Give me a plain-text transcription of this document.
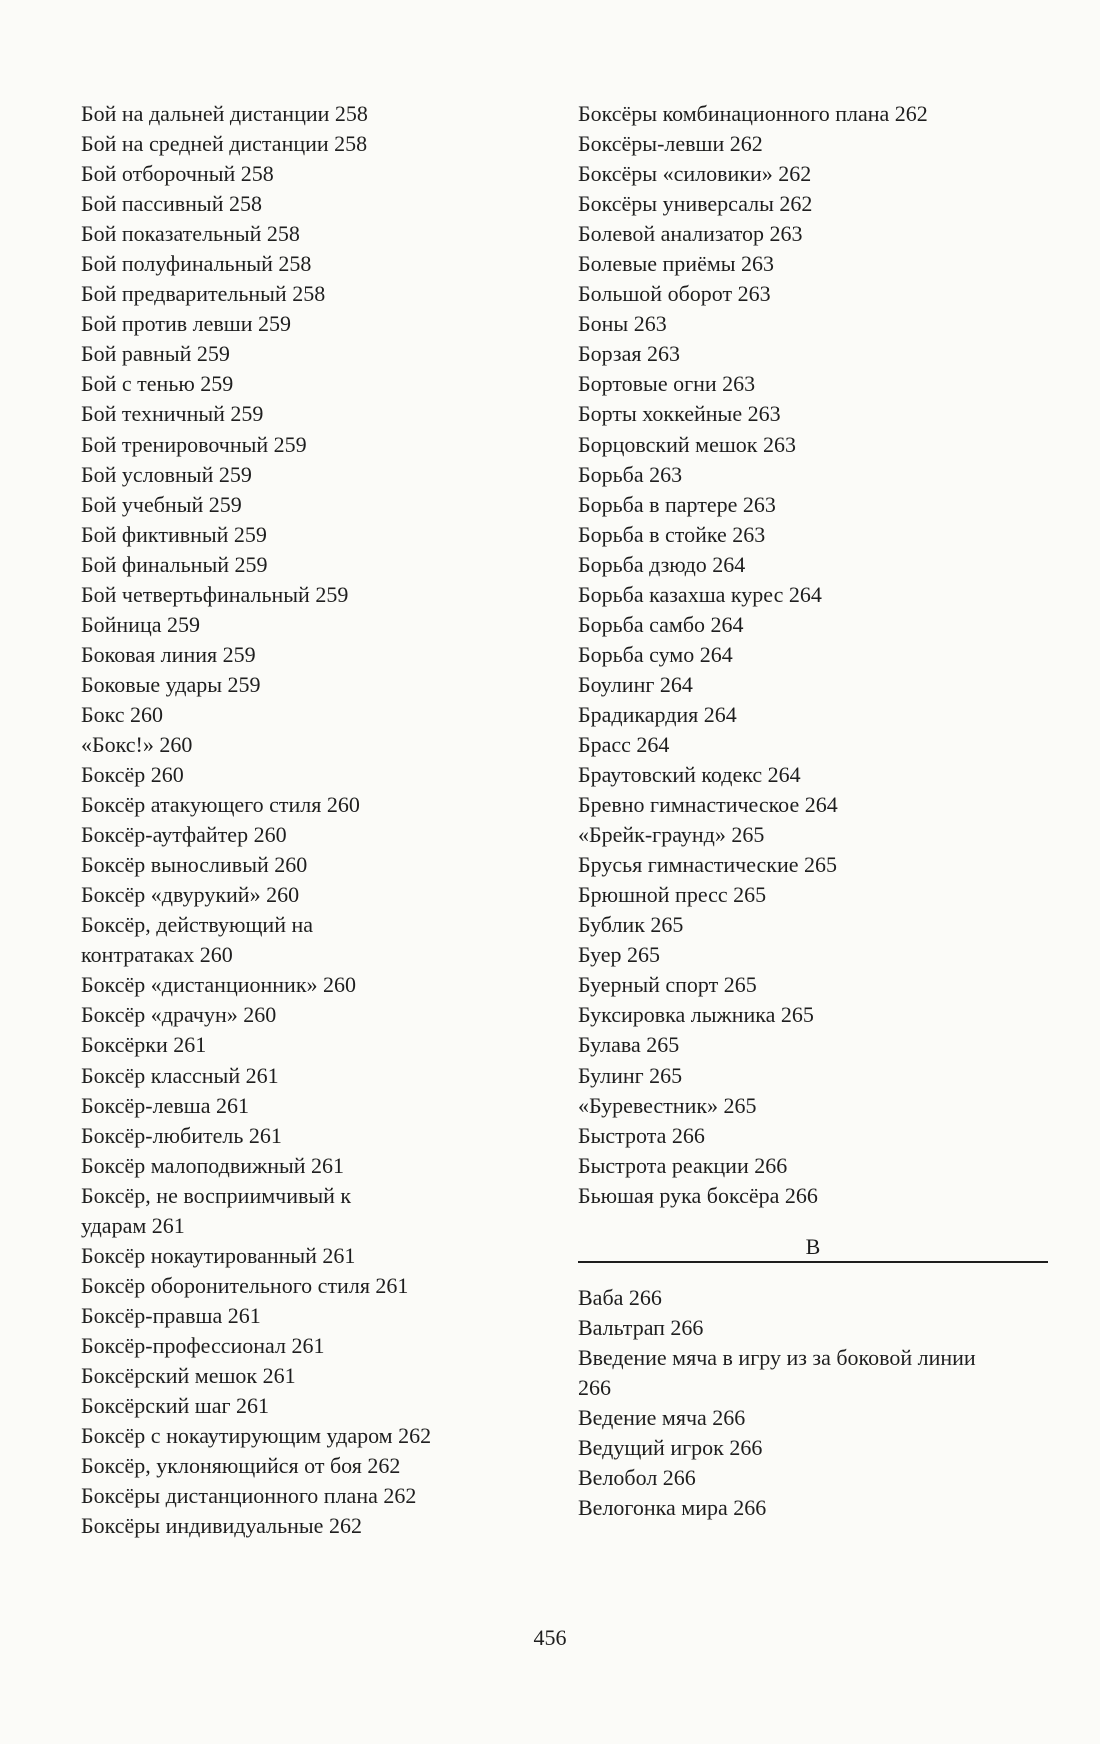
Бой на дальней дистанции 258
Бой на средней дистанции 258
Бой отборочный 258
Бой пассивный 258
Бой показательный 258
Бой полуфинальный 258
Бой предварительный 258
Бой против левши 259
Бой равный 259
Бой с тенью 259
Бой техничный 259
Бой тренировочный 259
Бой условный 259
Бой учебный 259
Бой фиктивный 259
Бой финальный 259
Бой четвертьфинальный 259
Бойница 259
Боковая линия 259
Боковые удары 259
Бокс 260
«Бокс!» 260
Боксёр 260
Боксёр атакующего стиля 260
Боксёр-аутфайтер 260
Боксёр выносливый 260
Боксёр «двурукий» 260
Боксёр, действующий на
контратаках 260
Боксёр «дистанционник» 260
Боксёр «драчун» 260
Боксёрки 261
Боксёр классный 261
Боксёр-левша 261
Боксёр-любитель 261
Боксёр малоподвижный 261
Боксёр, не восприимчивый к
ударам 261
Боксёр нокаутированный 261
Боксёр оборонительного стиля 261
Боксёр-правша 261
Боксёр-профессионал 261
Боксёрский мешок 261
Боксёрский шаг 261
Боксёр с нокаутирующим ударом 262
Боксёр, уклоняющийся от боя 262
Боксёры дистанционного плана 262
Боксёры индивидуальные 262
Боксёры комбинационного плана 262
Боксёры-левши 262
Боксёры «силовики» 262
Боксёры универсалы 262
Болевой анализатор 263
Болевые приёмы 263
Большой оборот 263
Боны 263
Борзая 263
Бортовые огни 263
Борты хоккейные 263
Борцовский мешок 263
Борьба 263
Борьба в партере 263
Борьба в стойке 263
Борьба дзюдо 264
Борьба казахша курес 264
Борьба самбо 264
Борьба сумо 264
Боулинг 264
Брадикардия 264
Брасс 264
Браутовский кодекс 264
Бревно гимнастическое 264
«Брейк-граунд» 265
Брусья гимнастические 265
Брюшной пресс 265
Бублик 265
Буер 265
Буерный спорт 265
Буксировка лыжника 265
Булава 265
Булинг 265
«Буревестник» 265
Быстрота 266
Быстрота реакции 266
Бьюшая рука боксёра 266
В
Ваба 266
Вальтрап 266
Введение мяча в игру из за боковой линии
266
Ведение мяча 266
Ведущий игрок 266
Велобол 266
Велогонка мира 266
456
